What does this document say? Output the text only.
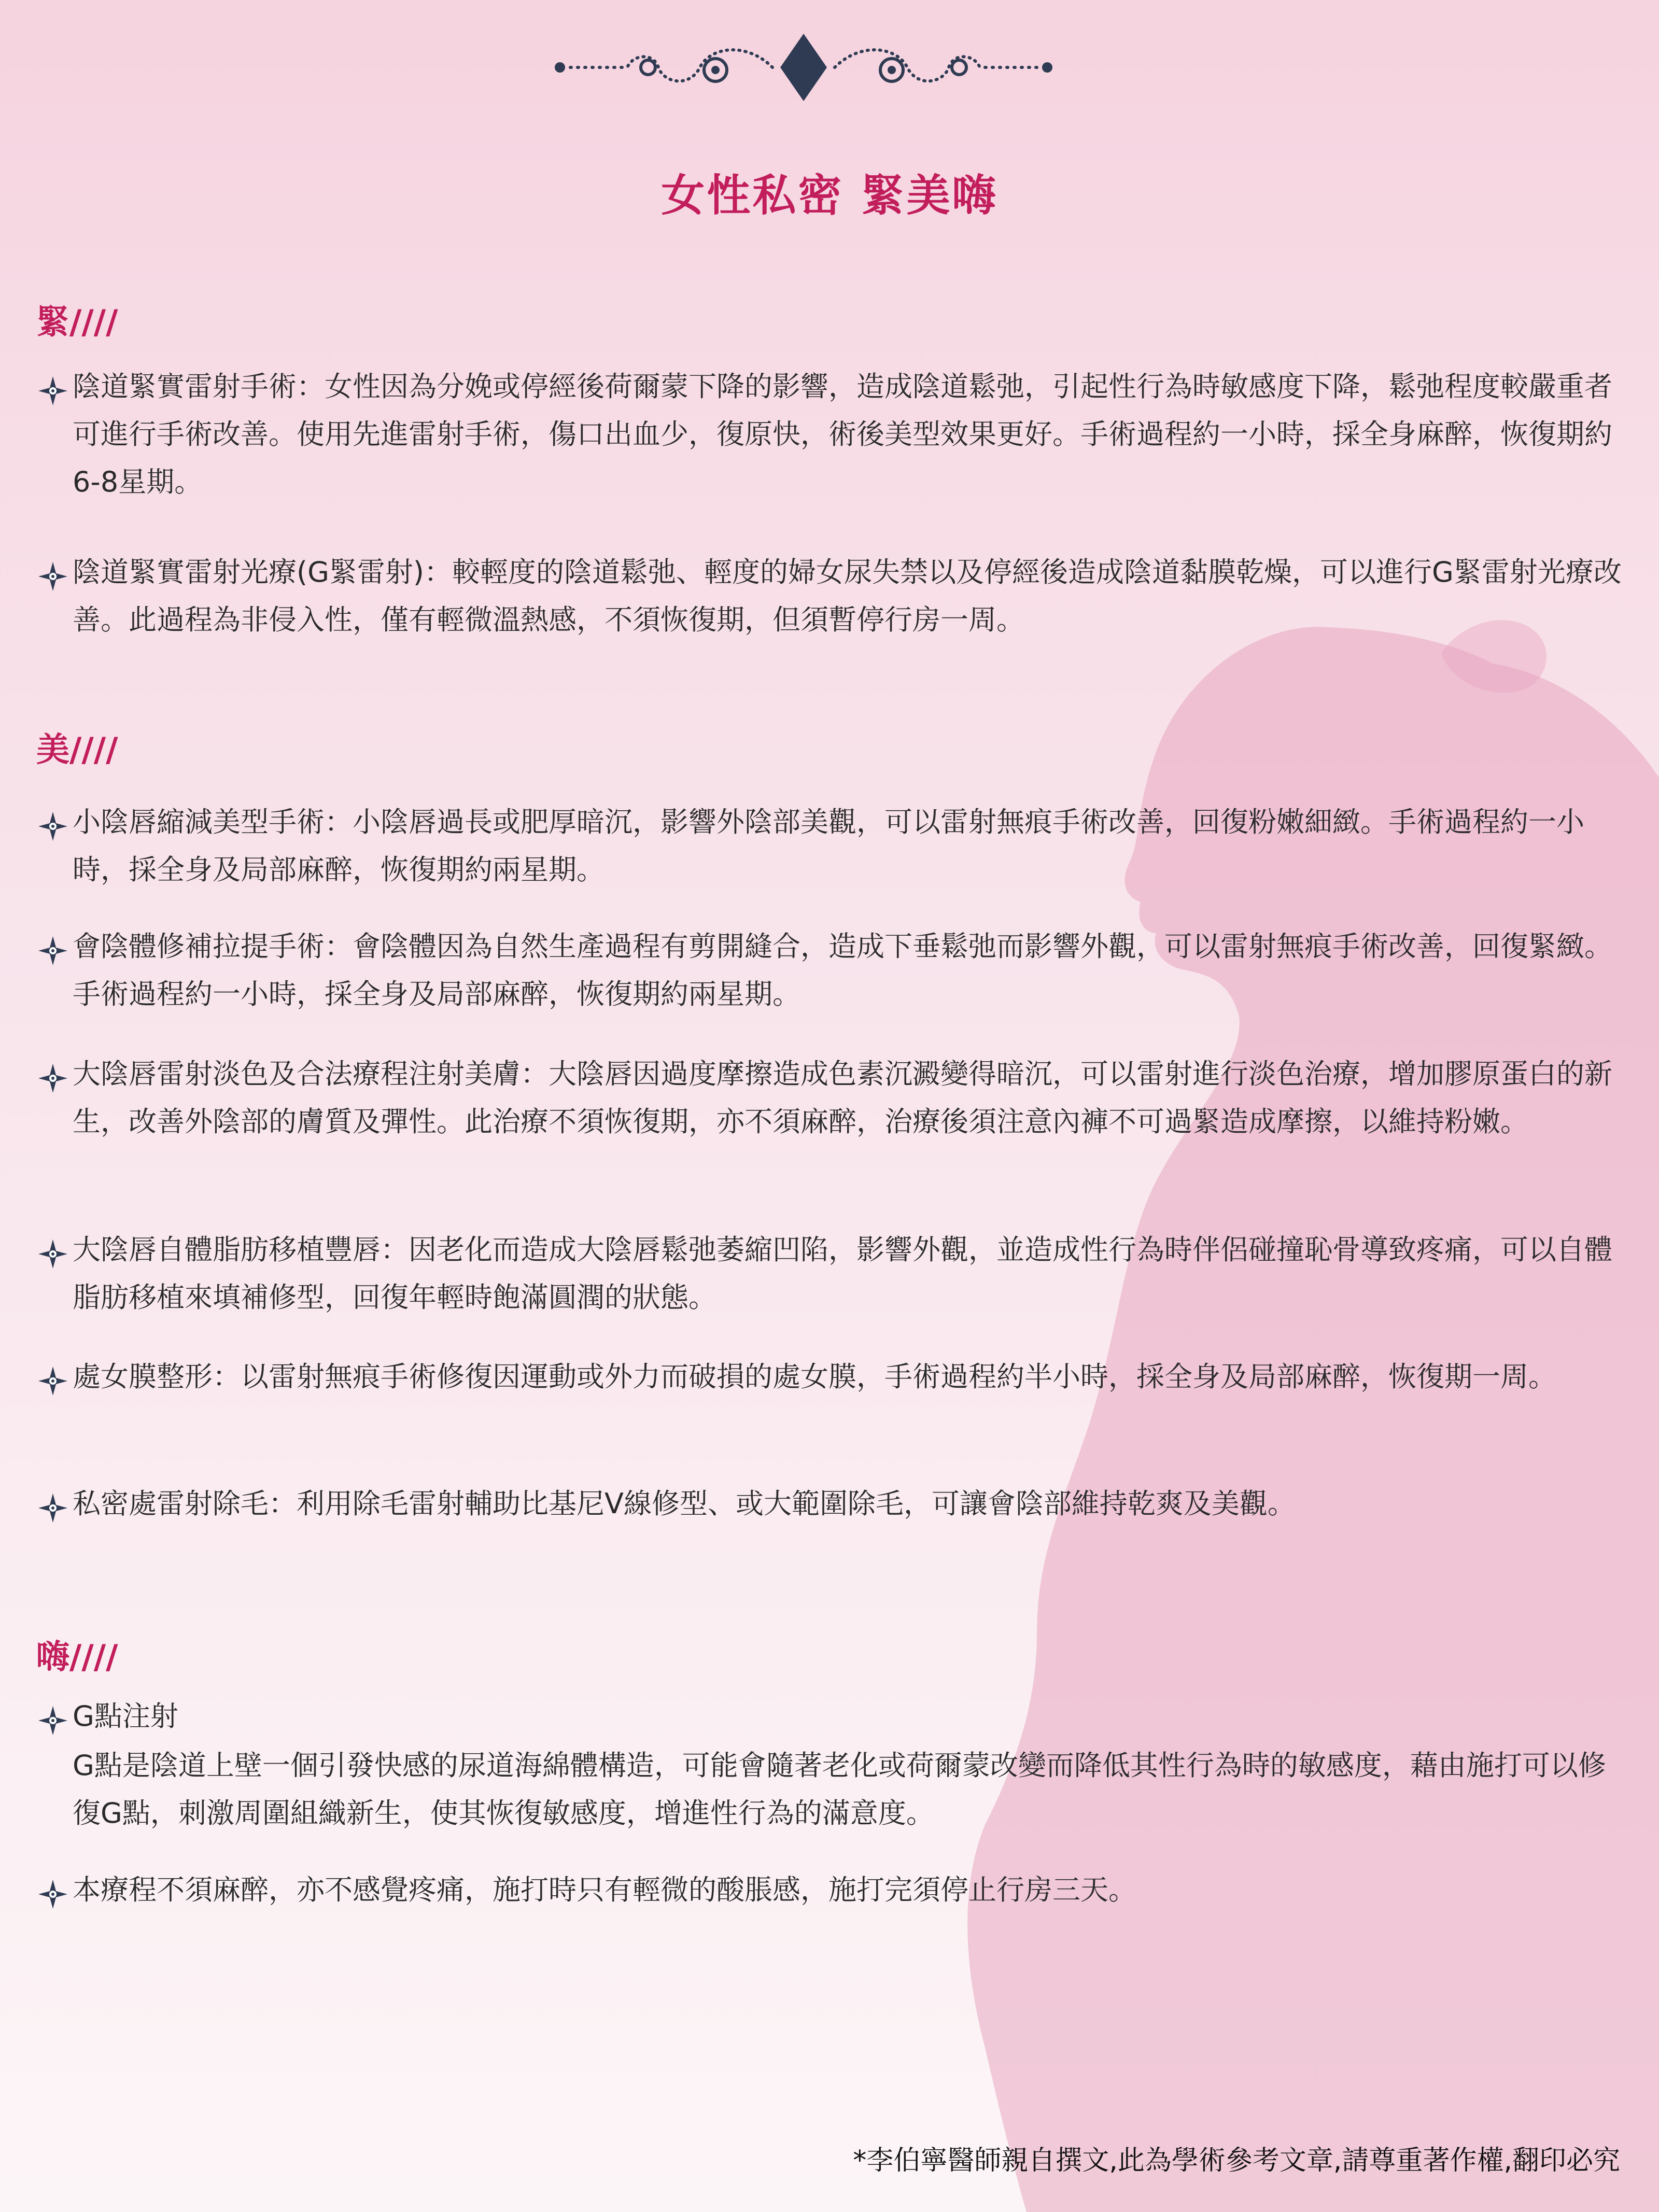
女性私密 緊美嗨
緊////
陰道緊實雷射手術：女性因為分娩或停經後荷爾蒙下降的影響，造成陰道鬆弛，引起性行為時敏感度下降，鬆弛程度較嚴重者可進行手術改善。使用先進雷射手術，傷口出血少，復原快，術後美型效果更好。手術過程約一小時，採全身麻醉，恢復期約6-8星期。
陰道緊實雷射光療(G緊雷射)：較輕度的陰道鬆弛、輕度的婦女尿失禁以及停經後造成陰道黏膜乾燥，可以進行G緊雷射光療改善。此過程為非侵入性，僅有輕微溫熱感，不須恢復期，但須暫停行房一周。
美////
小陰唇縮減美型手術：小陰唇過長或肥厚暗沉，影響外陰部美觀，可以雷射無痕手術改善，回復粉嫩細緻。手術過程約一小時，採全身及局部麻醉，恢復期約兩星期。
會陰體修補拉提手術：會陰體因為自然生產過程有剪開縫合，造成下垂鬆弛而影響外觀，可以雷射無痕手術改善，回復緊緻。手術過程約一小時，採全身及局部麻醉，恢復期約兩星期。
大陰唇雷射淡色及合法療程注射美膚：大陰唇因過度摩擦造成色素沉澱變得暗沉，可以雷射進行淡色治療，增加膠原蛋白的新生，改善外陰部的膚質及彈性。此治療不須恢復期，亦不須麻醉，治療後須注意內褲不可過緊造成摩擦，以維持粉嫩。
大陰唇自體脂肪移植豐唇：因老化而造成大陰唇鬆弛萎縮凹陷，影響外觀，並造成性行為時伴侶碰撞恥骨導致疼痛，可以自體脂肪移植來填補修型，回復年輕時飽滿圓潤的狀態。
處女膜整形：以雷射無痕手術修復因運動或外力而破損的處女膜，手術過程約半小時，採全身及局部麻醉，恢復期一周。
私密處雷射除毛：利用除毛雷射輔助比基尼V線修型、或大範圍除毛，可讓會陰部維持乾爽及美觀。
嗨////
G點注射
G點是陰道上壁一個引發快感的尿道海綿體構造，可能會隨著老化或荷爾蒙改變而降低其性行為時的敏感度，藉由施打可以修復G點，刺激周圍組織新生，使其恢復敏感度，增進性行為的滿意度。
本療程不須麻醉，亦不感覺疼痛，施打時只有輕微的酸脹感，施打完須停止行房三天。
*李伯寧醫師親自撰文,此為學術參考文章,請尊重著作權,翻印必究
